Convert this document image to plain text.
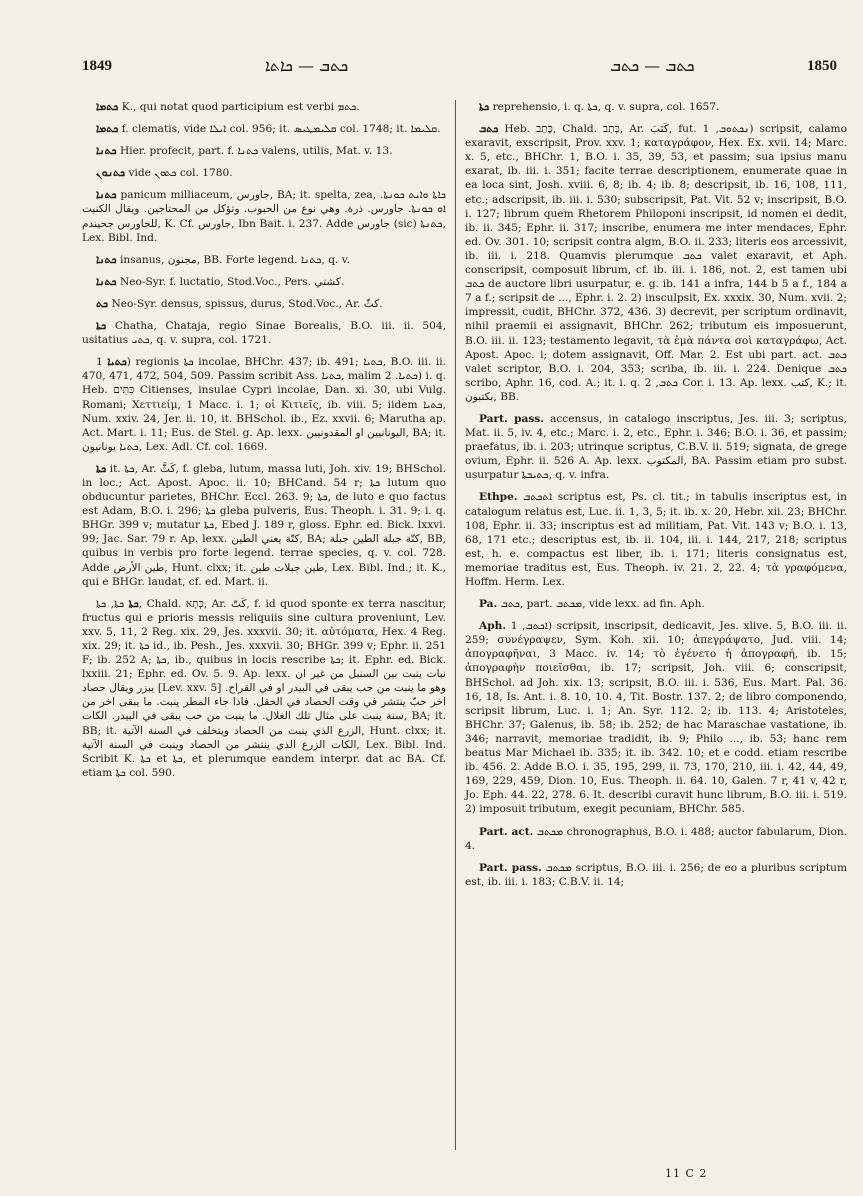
1849	ܟܬܒ — ܟܐܬܐ	ܟܬܒ — ܟܬܒ	1850

ܟܬܡܐ K., qui notat quod participium est verbi ܟܬܡ.

ܟܬܡܐ f. clematis, vide ܐܝܠܐ col. 956; it. ܩܠܝܡܛܝܣ col. 1748; it. ܩܠܝܡܐ.

ܟܬܢܐ Hier. profecit, part. f. ܟܬܢܐ valens, utilis, Mat. v. 13.

ܟܬܢܘܢ vide ܟܬܘܢ col. 1780.

ܟܬܢܐ panicum milliaceum, جاورس, BA; it. spelta, zea, ܟܐܬܐ ܘܐܝܬ ܟܘܢܬܐ. ܐܘ ܟܘܢܬܐ. جاورس. ذرة. وهي نوع من الحبوب. وتؤكل من المحتاجين. ويقال الكنيت للجاورس جحيندم, K. Cf. جاورس, Ibn Bait. i. 237. Adde جاورس (sic) ܟܬܢܬܐ, Lex. Bibl. Ind.

ܟܬܢܐ insanus, مجنون, BB. Forte legend. ܟܬܢܐ, q. v.

ܟܬܢܐ Neo-Syr. f. luctatio, Stod.Voc., Pers. كشتي.

ܟܬ Neo-Syr. densus, spissus, durus, Stod.Voc., Ar. كثّ.

ܟܬܐ Chatha, Chataja, regio Sinae Borealis, B.O. iii. ii. 504, usitatius ܟܬܝ, q. v. supra, col. 1721.

ܟܬܝܐ 1) regionis ܟܬܐ incolae, BHChr. 437; ib. 491; ܟܬܝܐ, B.O. iii. ii. 470, 471, 472, 504, 509. Passim scribit Ass. ܟܬܝܐ, malim ܟܬܝܐ. 2) i. q. Heb. כִּתִּים Citienses, insulae Cypri incolae, Dan. xi. 30, ubi Vulg. Romani; Χεττιείμ, 1 Macc. i. 1; οἱ Κιτιεῖς, ib. viii. 5; iidem ܟܬܝܐ, Num. xxiv. 24, Jer. ii. 10, it. BHSchol. ib., Ez. xxvii. 6; Marutha ap. Act. Mart. i. 11; Eus. de Stel. g. Ap. lexx. اليونانيين او المقدونيين, BA; it. ܟܬܝܐ يونانيون, Lex. Adl. Cf. col. 1669.

ܟܬܐ it. ܟܬܐ, Ar. كَثَّ, f. gleba, lutum, massa luti, Joh. xiv. 19; BHSchol. in loc.; Act. Apost. Apoc. ii. 10; BHCand. 54 r; ܟܬܐ lutum quo obducuntur parietes, BHChr. Eccl. 263. 9; ܟܬܐ, de luto e quo factus est Adam, B.O. i. 296; ܟܬܐ gleba pulveris, Eus. Theoph. i. 31. 9; i. q. BHGr. 399 v; mutatur ܟܬܐ, Ebed J. 189 r, gloss. Ephr. ed. Bick. lxxvi. 99; Jac. Sar. 79 r. Ap. lexx. كتّة يعني الطين, BA; كتّة جبلة الطين جبلة, BB, quibus in verbis pro forte legend. terrae species, q. v. col. 728. Adde طين الأرض, Hunt. clxx; it. طين جبلات طين, Lex. Bibl. Ind.; it. K., qui e BHGr. laudat, cf. ed. Mart. ii.

ܟܬܐ ܟܬܐ, ܟܬܐ, Chald. כְּתָא, Ar. كَتّ, f. id quod sponte ex terra nascitur, fructus qui e prioris messis reliquiis sine cultura proveniunt, Lev. xxv. 5, 11, 2 Reg. xix. 29, Jes. xxxvii. 30; it. αὐτόματα, Hex. 4 Reg. xix. 29; it. ܟܬܐ id., ib. Pesh., Jes. xxxvii. 30; BHGr. 399 v; Ephr. ii. 251 F; ib. 252 A; ܟܬܐ, ib., quibus in locis rescribe ܟܬܐ; it. Ephr. ed. Bick. lxxiii. 21; Ephr. ed. Ov. 5. 9. Ap. lexx. نبات ينبت بين السنبل من غير ان يبزر ويقال حصاد [Lev. xxv. 5] وهو ما ينبت من حب يبقى في البيدر او في القراح. اخر حبّ ينتشر في وقت الحصاد في الحقل. فاذا جاء المطر ينبت. ما يبقى اخر من سنة ينبت على مثال تلك الغلال. ما ينبت من حب يبقى في البيدر. الكات, BA; it. BB; it. الزرع الذي ينبت من الحصاد ويتخلف في السنة الآتية, Hunt. clxx; it. الكات الزرع الذي ينتشر من الحصاد وينبت في السنة الآتية, Lex. Bibl. Ind. Scribit K. ܟܬܐ et ܟܬܐ, et plerumque eandem interpr. dat ac BA. Cf. etiam ܟܬܐ col. 590.

ܟܬܐ reprehensio, i. q. ܟܬܐ, q. v. supra, col. 1657.

ܟܬܒ Heb. כָּתַב, Chald. כְּתַב, Ar. كَتَبَ, fut. ܢܟܬܘܒ, 1) scripsit, calamo exaravit, exscripsit, Prov. xxv. 1; καταγράφον, Hex. Ex. xvii. 14; Marc. x. 5, etc., BHChr. 1, B.O. i. 35, 39, 53, et passim; sua ipsius manu exarat, ib. iii. i. 351; facite terrae descriptionem, enumerate quae in ea loca sint, Josh. xviii. 6, 8; ib. 4; ib. 8; descripsit, ib. 16, 108, 111, etc.; adscripsit, ib. iii. i. 530; subscripsit, Pat. Vit. 52 v; inscripsit, B.O. i. 127; librum quem Rhetorem Philoponi inscripsit, id nomen ei dedit, ib. ii. 345; Ephr. ii. 317; inscribe, enumera me inter mendaces, Ephr. ed. Ov. 301. 10; scripsit contra algm, B.O. ii. 233; literis eos arcessivit, ib. iii. i. 218. Quamvis plerumque ܟܬܒ valet exaravit, et Aph. conscripsit, composuit librum, cf. ib. iii. i. 186, not. 2, est tamen ubi ܟܬܒ de auctore libri usurpatur, e. g. ib. 141 a infra, 144 b 5 a f., 184 a 7 a f.; scripsit de ..., Ephr. i. 2. 2) insculpsit, Ex. xxxix. 30, Num. xvii. 2; impressit, cudit, BHChr. 372, 436. 3) decrevit, per scriptum ordinavit, nihil praemii ei assignavit, BHChr. 262; tributum eis imposuerunt, B.O. iii. ii. 123; testamento legavit, τὰ ἐμὰ πάντα σοὶ καταγράφω, Act. Apost. Apoc. i; dotem assignavit, Off. Mar. 2. Est ubi part. act. ܟܬܒ valet scriptor, B.O. i. 204, 353; scriba, ib. iii. i. 224. Denique ܟܬܒ scribo, Aphr. 16, cod. A.; it. i. q. ܟܬܒ, 2 Cor. i. 13. Ap. lexx. كتب, K.; it. بكتبون, BB.

Part. pass. accensus, in catalogo inscriptus, Jes. iii. 3; scriptus, Mat. ii. 5, iv. 4, etc.; Marc. i. 2, etc., Ephr. i. 346; B.O. i. 36, et passim; praefatus, ib. i. 203; utrinque scriptus, C.B.V. ii. 519; signata, de grege ovium, Ephr. ii. 526 A. Ap. lexx. المكتوب, BA. Passim etiam pro subst. usurpatur ܟܬܝܒܬܐ, q. v. infra.

Ethpe. ܐܬܟܬܒ scriptus est, Ps. cl. tit.; in tabulis inscriptus est, in catalogum relatus est, Luc. ii. 1, 3, 5; it. ib. x. 20, Hebr. xii. 23; BHChr. 108, Ephr. ii. 33; inscriptus est ad militiam, Pat. Vit. 143 v; B.O. i. 13, 68, 171 etc.; descriptus est, ib. ii. 104, iii. i. 144, 217, 218; scriptus est, h. e. compactus est liber, ib. i. 171; literis consignatus est, memoriae traditus est, Eus. Theoph. iv. 21. 2, 22. 4; τὰ γραφόμενα, Hoffm. Herm. Lex.

Pa. ܟܬܒ, part. ܡܟܬܒ, vide lexx. ad fin. Aph.

Aph. ܐܟܬܒ, 1) scripsit, inscripsit, dedicavit, Jes. xlive. 5, B.O. iii. ii. 259; συνέγραψεν, Sym. Koh. xii. 10; ἀπεγράψατο, Jud. viii. 14; ἀπογραφῆναι, 3 Macc. iv. 14; τὸ ἐγένετο ἡ ἀπογραφή, ib. 15; ἀπογραφὴν ποιεῖσθαι, ib. 17; scripsit, Joh. viii. 6; conscripsit, BHSchol. ad Joh. xix. 13; scripsit, B.O. iii. i. 536, Eus. Mart. Pal. 36. 16, 18, Is. Ant. i. 8. 10, 10. 4, Tit. Bostr. 137. 2; de libro componendo, scripsit librum, Luc. i. 1; An. Syr. 112. 2; ib. 113. 4; Aristoteles, BHChr. 37; Galenus, ib. 58; ib. 252; de hac Maraschae vastatione, ib. 346; narravit, memoriae tradidit, ib. 9; Philo ..., ib. 53; hanc rem beatus Mar Michael ib. 335; it. ib. 342. 10; et e codd. etiam rescribe ib. 456. 2. Adde B.O. i. 35, 195, 299, ii. 73, 170, 210, iii. i. 42, 44, 49, 169, 229, 459, Dion. 10, Eus. Theoph. ii. 64. 10, Galen. 7 r, 41 v, 42 r, Jo. Eph. 44. 22, 278. 6. It. describi curavit hunc librum, B.O. iii. i. 519. 2) imposuit tributum, exegit pecuniam, BHChr. 585.

Part. act. ܡܟܬܒ chronographus, B.O. i. 488; auctor fabularum, Dion. 4.

Part. pass. ܡܟܬܒ scriptus, B.O. iii. i. 256; de eo a pluribus scriptum est, ib. iii. i. 183; C.B.V. ii. 14;

11 C 2
